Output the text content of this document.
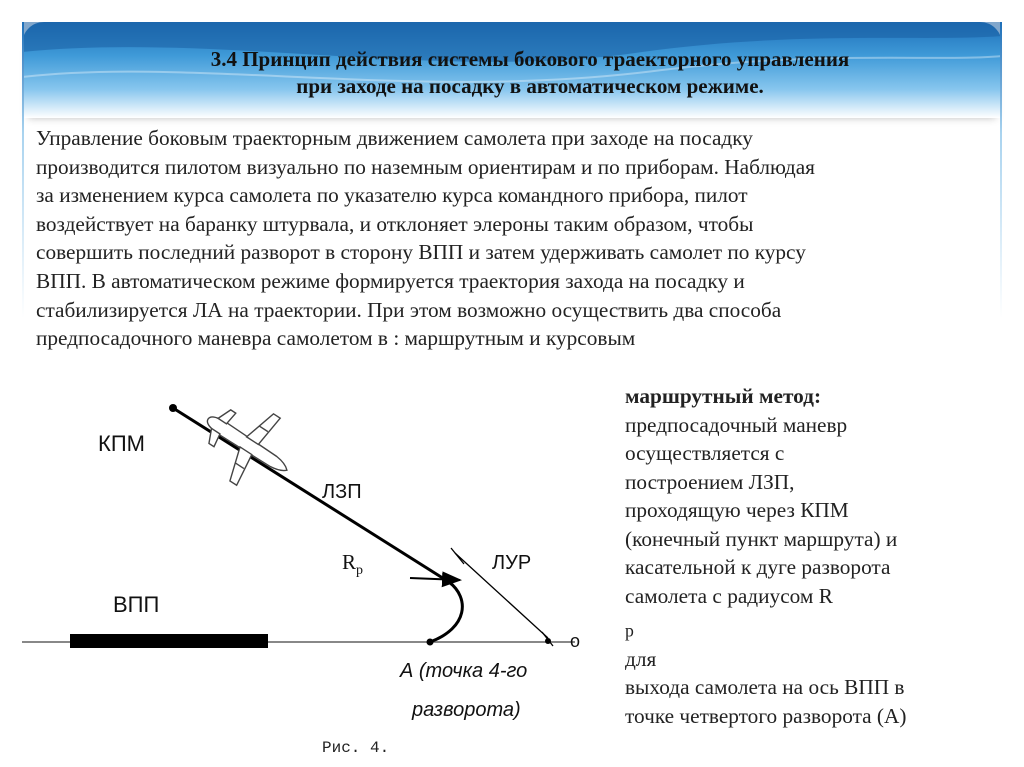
3.4 Принцип действия системы бокового траекторного управления
при заходе на посадку в автоматическом режиме.

Управление боковым траекторным движением самолета при заходе на посадку
производится пилотом визуально по наземным ориентирам и по приборам. Наблюдая
за изменением курса самолета по указателю курса командного прибора, пилот
воздействует на баранку штурвала, и отклоняет элероны таким образом, чтобы
совершить последний разворот в сторону ВПП и затем удерживать самолет по курсу
ВПП. В автоматическом режиме формируется траектория захода на посадку и
стабилизируется ЛА на траектории. При этом возможно осуществить два способа
предпосадочного маневра самолетом в : маршрутным и курсовым

маршрутный метод:
предпосадочный маневр
осуществляется с
построением ЛЗП,
проходящую через КПМ
(конечный пункт маршрута) и
касательной к дуге разворота
самолета с радиусом R
$_р$
для
выхода самолета на ось ВПП в
точке четвертого разворота (А)

КПМ
ЛЗП
$R_р$	ЛУР
ВПП
о
А (точка 4-го
разворота)
Рис. 4.
